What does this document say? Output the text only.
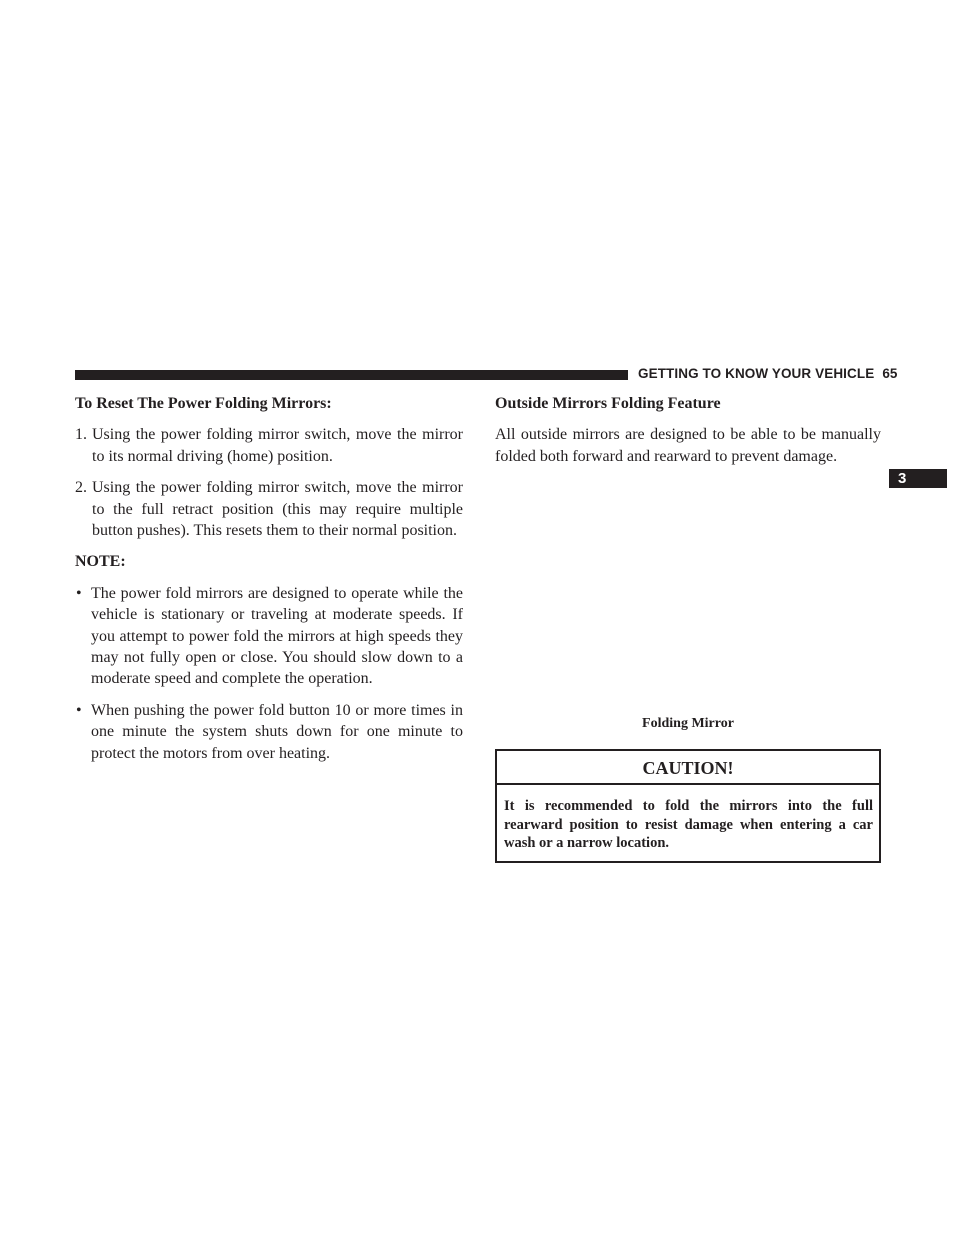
GETTING TO KNOW YOUR VEHICLE 65
3
To Reset The Power Folding Mirrors:
1. Using the power folding mirror switch, move the mirror to its normal driving (home) position.
2. Using the power folding mirror switch, move the mirror to the full retract position (this may require multiple button pushes). This resets them to their normal position.
NOTE:
• The power fold mirrors are designed to operate while the vehicle is stationary or traveling at moderate speeds. If you attempt to power fold the mirrors at high speeds they may not fully open or close. You should slow down to a moderate speed and complete the operation.
• When pushing the power fold button 10 or more times in one minute the system shuts down for one minute to protect the motors from over heating.
Outside Mirrors Folding Feature

All outside mirrors are designed to be able to be manually folded both forward and rearward to prevent damage.

Folding Mirror
CAUTION!
It is recommended to fold the mirrors into the full rearward position to resist damage when entering a car wash or a narrow location.
